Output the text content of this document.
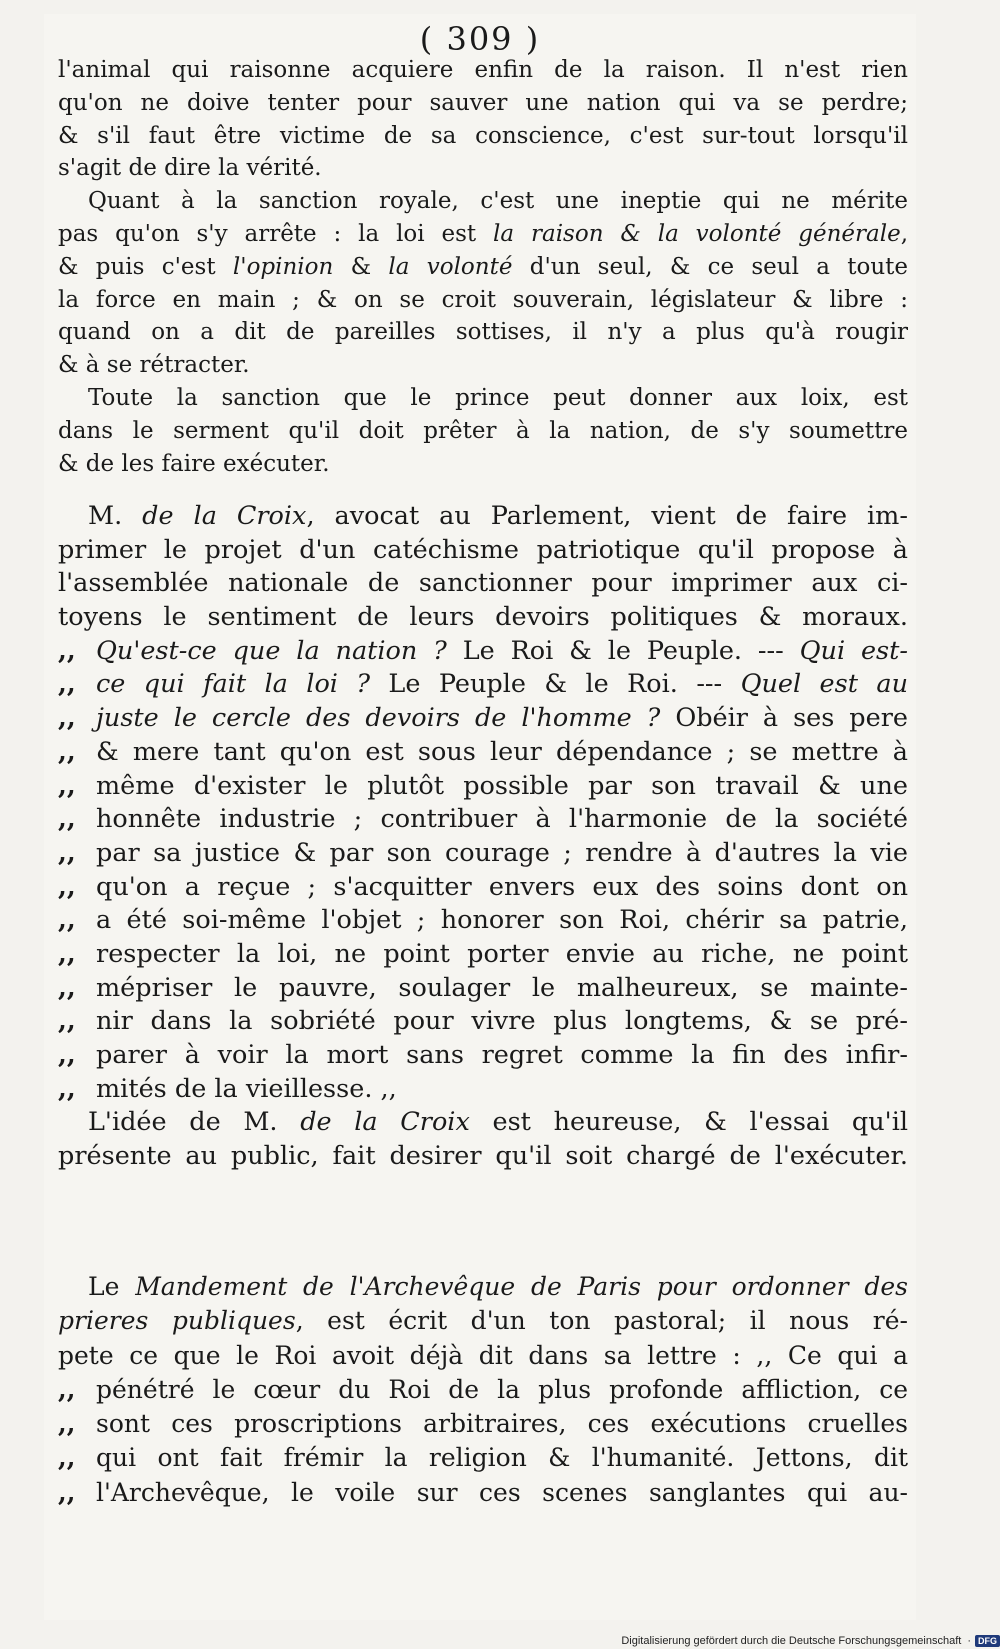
( 309 )
l'animal qui raisonne acquiere enfin de la raison. Il n'est rien
qu'on ne doive tenter pour sauver une nation qui va se perdre;
& s'il faut être victime de sa conscience, c'est sur-tout lorsqu'il
s'agit de dire la vérité.
Quant à la sanction royale, c'est une ineptie qui ne mérite
pas qu'on s'y arrête : la loi est la raison & la volonté générale,
& puis c'est l'opinion & la volonté d'un seul, & ce seul a toute
la force en main ; & on se croit souverain, législateur & libre :
quand on a dit de pareilles sottises, il n'y a plus qu'à rougir
& à se rétracter.
Toute la sanction que le prince peut donner aux loix, est
dans le serment qu'il doit prêter à la nation, de s'y soumettre
& de les faire exécuter.
M. de la Croix, avocat au Parlement, vient de faire im-
primer le projet d'un catéchisme patriotique qu'il propose à
l'assemblée nationale de sanctionner pour imprimer aux ci-
toyens le sentiment de leurs devoirs politiques & moraux.
,, Qu'est-ce que la nation ? Le Roi & le Peuple. --- Qui est-
,, ce qui fait la loi ? Le Peuple & le Roi. --- Quel est au
,, juste le cercle des devoirs de l'homme ? Obéir à ses pere
,, & mere tant qu'on est sous leur dépendance ; se mettre à
,, même d'exister le plutôt possible par son travail & une
,, honnête industrie ; contribuer à l'harmonie de la société
,, par sa justice & par son courage ; rendre à d'autres la vie
,, qu'on a reçue ; s'acquitter envers eux des soins dont on
,, a été soi-même l'objet ; honorer son Roi, chérir sa patrie,
,, respecter la loi, ne point porter envie au riche, ne point
,, mépriser le pauvre, soulager le malheureux, se mainte-
,, nir dans la sobriété pour vivre plus longtems, & se pré-
,, parer à voir la mort sans regret comme la fin des infir-
,, mités de la vieillesse. ,,
L'idée de M. de la Croix est heureuse, & l'essai qu'il
présente au public, fait desirer qu'il soit chargé de l'exécuter.
Le Mandement de l'Archevêque de Paris pour ordonner des
prieres publiques, est écrit d'un ton pastoral; il nous ré-
pete ce que le Roi avoit déjà dit dans sa lettre : ,, Ce qui a
,, pénétré le cœur du Roi de la plus profonde affliction, ce
,, sont ces proscriptions arbitraires, ces exécutions cruelles
,, qui ont fait frémir la religion & l'humanité. Jettons, dit
,, l'Archevêque, le voile sur ces scenes sanglantes qui au-
Digitalisierung gefördert durch die Deutsche Forschungsgemeinschaft · DFG
